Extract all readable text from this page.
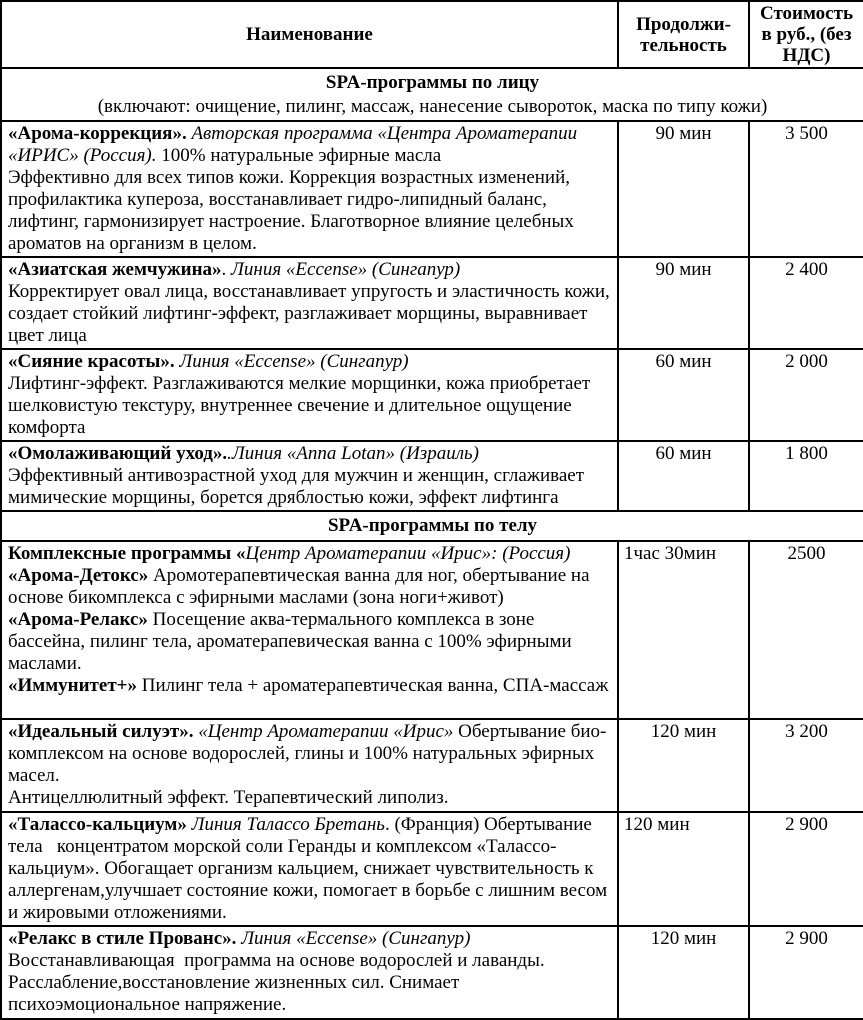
Наименование	Продолжи-тельность	Стоимость в руб., (без НДС)

SPA-программы по лицу
(включают: очищение, пилинг, массаж, нанесение сывороток, маска по типу кожи)		

«Арома-коррекция». Авторская программа «Центра Ароматерапии «ИРИС» (Россия). 100% натуральные эфирные масла
Эффективно для всех типов кожи. Коррекция возрастных изменений, профилактика купероза, восстанавливает гидро-липидный баланс, лифтинг, гармонизирует настроение. Благотворное влияние целебных ароматов на организм в целом.	90 мин	3 500
«Азиатская жемчужина». Линия «Eccense» (Сингапур)
Корректирует овал лица, восстанавливает упругость и эластичность кожи, создает стойкий лифтинг-эффект, разглаживает морщины, выравнивает цвет лица	90 мин	2 400
«Сияние красоты». Линия «Eccense» (Сингапур)
Лифтинг-эффект. Разглаживаются мелкие морщинки, кожа приобретает шелковистую текстуру, внутреннее свечение и длительное ощущение комфорта	60 мин	2 000
«Омолаживающий уход»..Линия «Anna Lotan» (Израиль)
Эффективный антивозрастной уход для мужчин и женщин, сглаживает мимические морщины, борется дряблостью кожи, эффект лифтинга	60 мин	1 800

SPA-программы по телу		

Комплексные программы «Центр Ароматерапии «Ирис»: (Россия)
«Арома-Детокс» Аромотерапевтическая ванна для ног, обертывание на основе бикомплекса с эфирными маслами (зона ноги+живот)
«Арома-Релакс» Посещение аква-термального комплекса в зоне бассейна, пилинг тела, ароматерапевическая ванна с 100% эфирными маслами.
«Иммунитет+» Пилинг тела + ароматерапевтическая ванна, СПА-массаж	1час 30мин	2500
«Идеальный силуэт». «Центр Ароматерапии «Ирис» Обертывание био-комплексом на основе водорослей, глины и 100% натуральных эфирных масел.
Антицеллюлитный эффект. Терапевтический липолиз.	120 мин	3 200
«Талассо-кальциум» Линия Талассо Бретань. (Франция) Обертывание тела   концентратом морской соли Геранды и комплексом «Талассо-кальциум». Обогащает организм кальцием, снижает чувствительность к аллергенам,улучшает состояние кожи, помогает в борьбе с лишним весом и жировыми отложениями.	120 мин	2 900
«Релакс в стиле Прованс». Линия «Eccense» (Сингапур)
Восстанавливающая  программа на основе водорослей и лаванды. Расслабление,восстановление жизненных сил. Снимает психоэмоциональное напряжение.	120 мин	2 900
